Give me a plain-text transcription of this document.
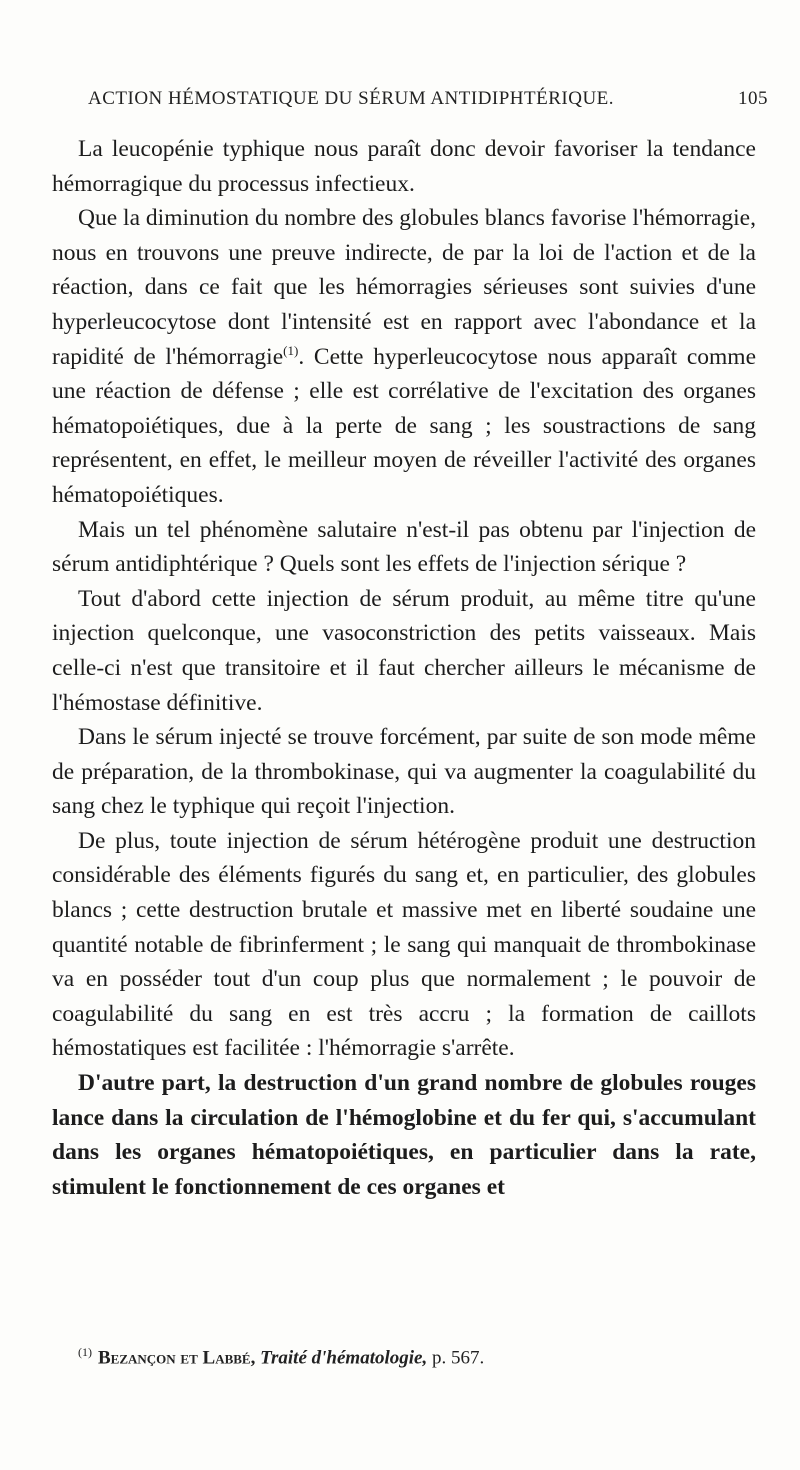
ACTION HÉMOSTATIQUE DU SÉRUM ANTIDIPHTÉRIQUE.	105

La leucopénie typhique nous paraît donc devoir favoriser la tendance hémorragique du processus infectieux.

Que la diminution du nombre des globules blancs favorise l'hémorragie, nous en trouvons une preuve indirecte, de par la loi de l'action et de la réaction, dans ce fait que les hémorragies sérieuses sont suivies d'une hyperleucocytose dont l'intensité est en rapport avec l'abondance et la rapidité de l'hémorragie$^{(1)}$. Cette hyperleucocytose nous apparaît comme une réaction de défense ; elle est corrélative de l'excitation des organes hématopoiétiques, due à la perte de sang ; les soustractions de sang représentent, en effet, le meilleur moyen de réveiller l'activité des organes hématopoiétiques.

Mais un tel phénomène salutaire n'est-il pas obtenu par l'injection de sérum antidiphtérique ? Quels sont les effets de l'injection sérique ?

Tout d'abord cette injection de sérum produit, au même titre qu'une injection quelconque, une vasoconstriction des petits vaisseaux. Mais celle-ci n'est que transitoire et il faut chercher ailleurs le mécanisme de l'hémostase définitive.

Dans le sérum injecté se trouve forcément, par suite de son mode même de préparation, de la thrombokinase, qui va augmenter la coagulabilité du sang chez le typhique qui reçoit l'injection.

De plus, toute injection de sérum hétérogène produit une destruction considérable des éléments figurés du sang et, en particulier, des globules blancs ; cette destruction brutale et massive met en liberté soudaine une quantité notable de fibrinferment ; le sang qui manquait de thrombokinase va en posséder tout d'un coup plus que normalement ; le pouvoir de coagulabilité du sang en est très accru ; la formation de caillots hémostatiques est facilitée : l'hémorragie s'arrête.

D'autre part, la destruction d'un grand nombre de globules rouges lance dans la circulation de l'hémoglobine et du fer qui, s'accumulant dans les organes hématopoiétiques, en particulier dans la rate, stimulent le fonctionnement de ces organes et

$^{(1)}$ Bezançon et Labbé, Traité d'hématologie, p. 567.
